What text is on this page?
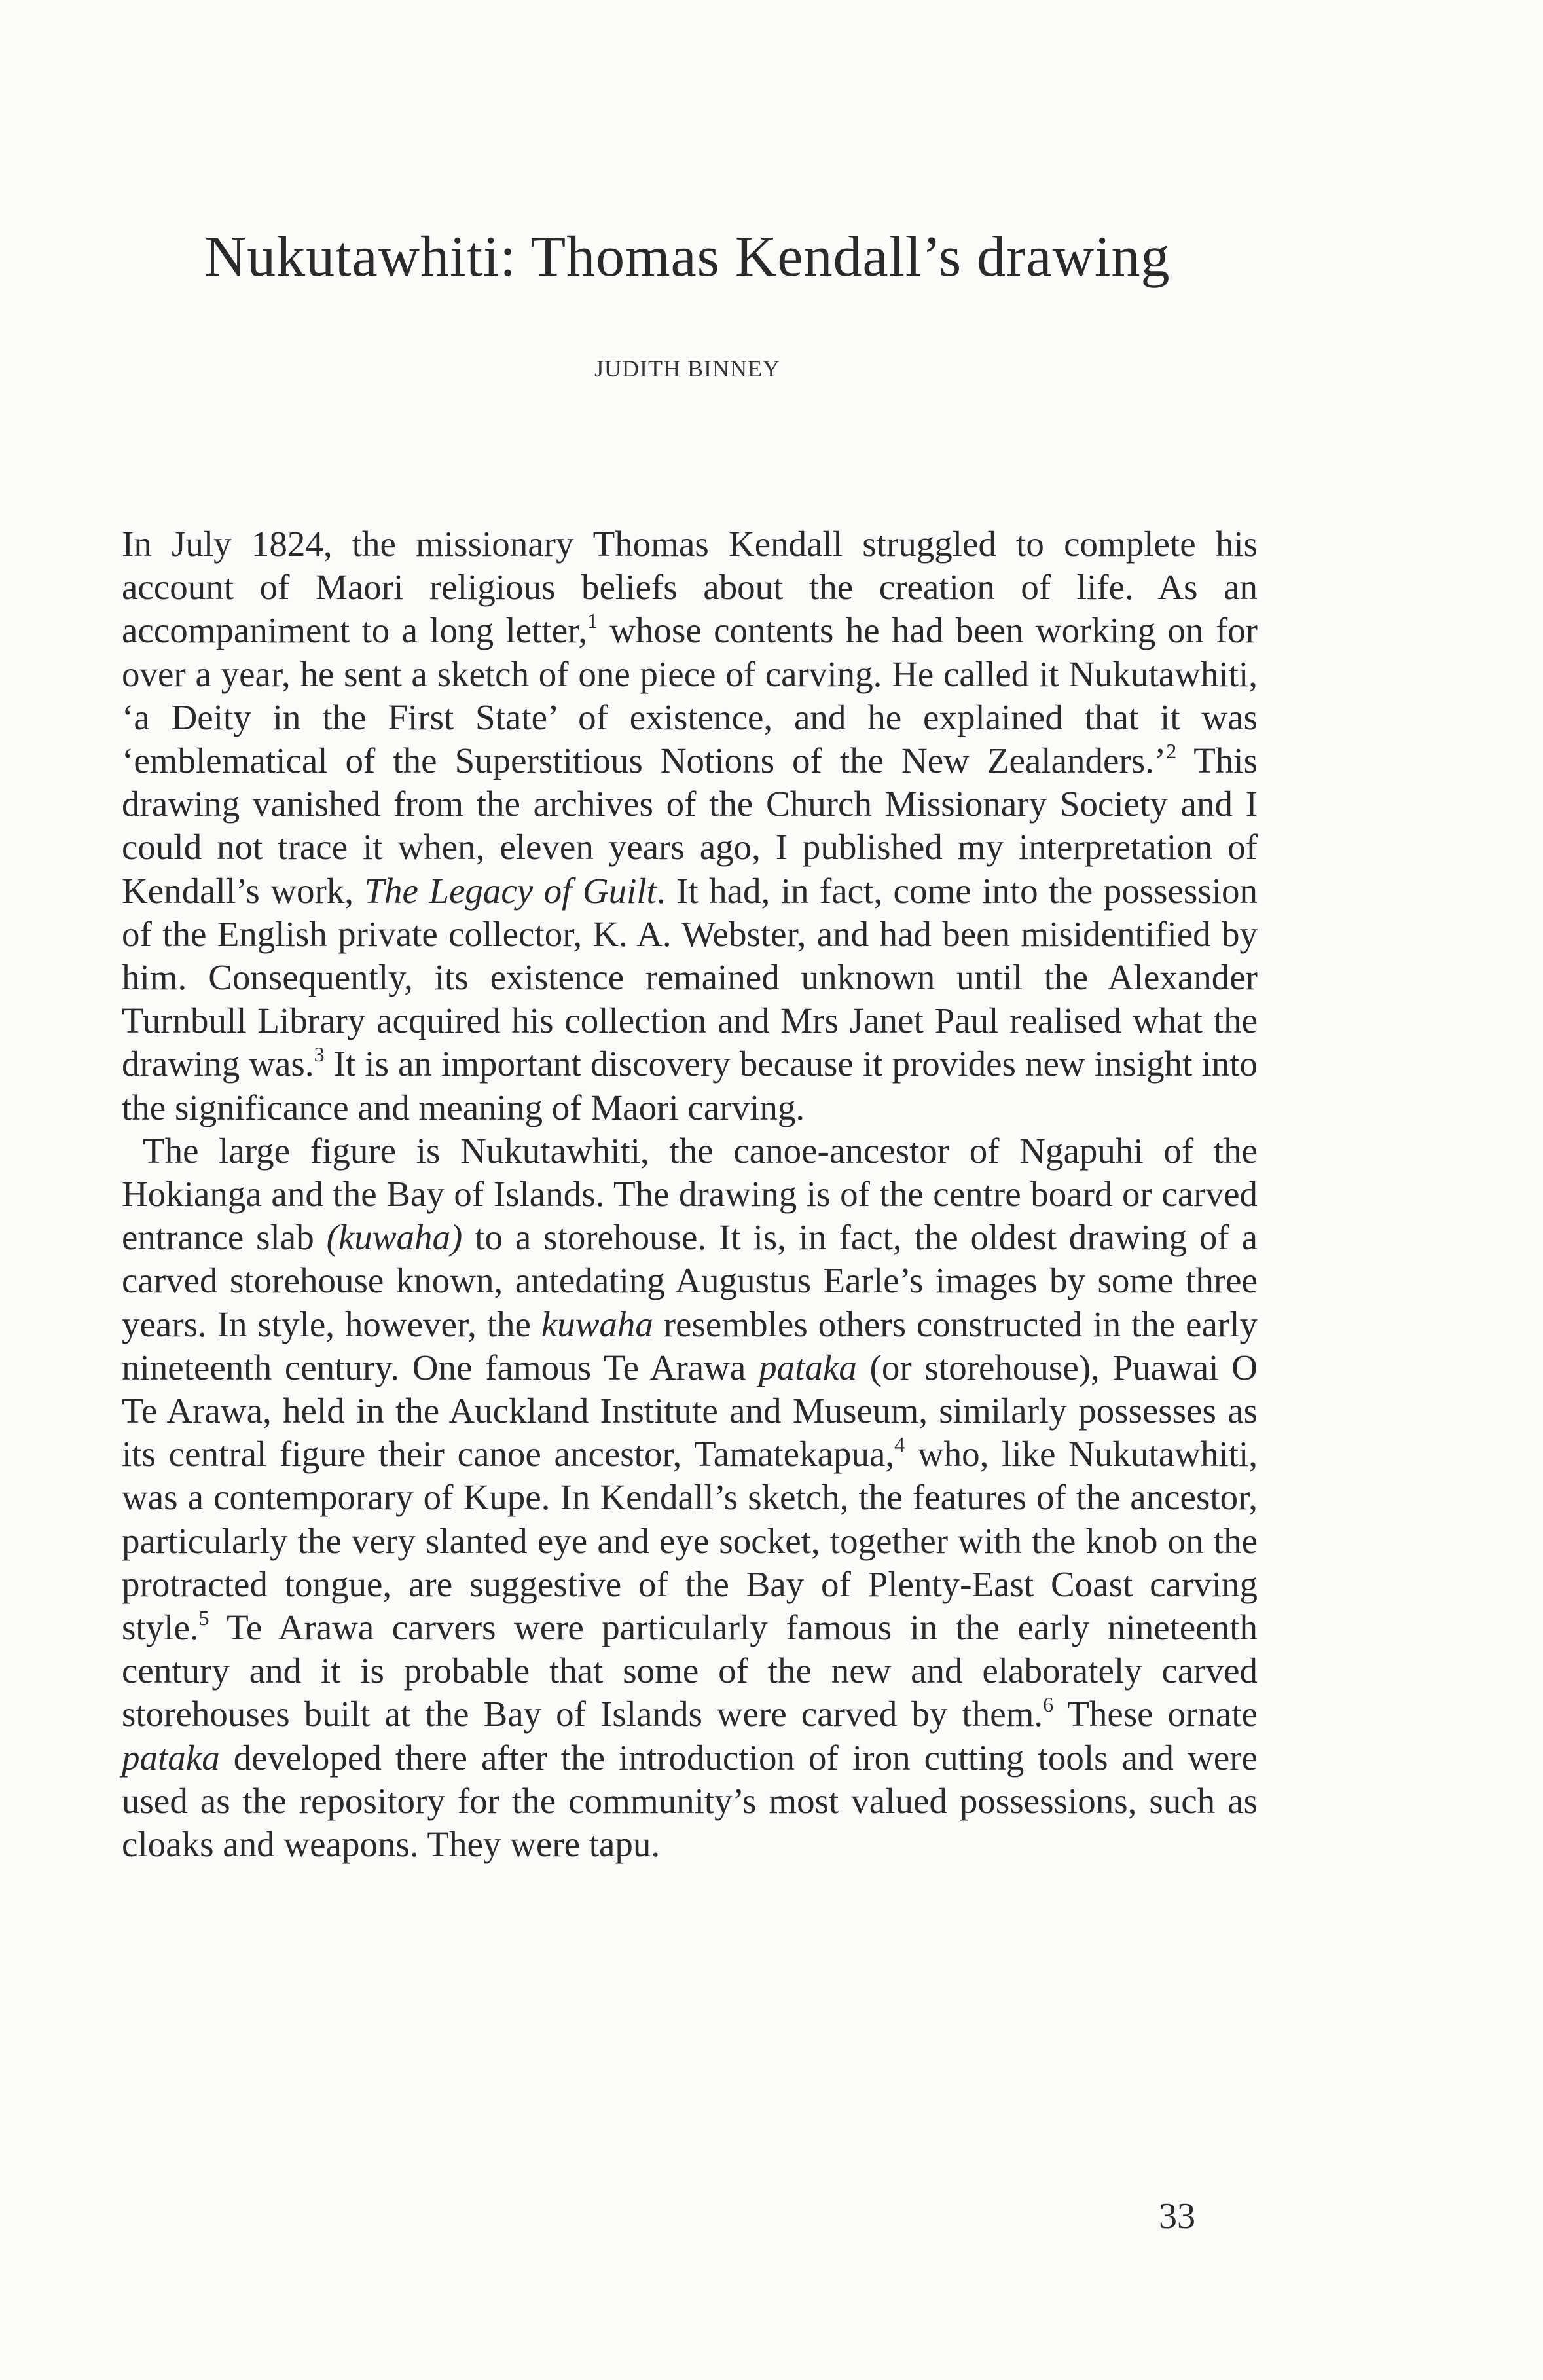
Nukutawhiti: Thomas Kendall’s drawing
JUDITH BINNEY

In July 1824, the missionary Thomas Kendall struggled to complete his account of Maori religious beliefs about the creation of life. As an accompaniment to a long letter,$^1$ whose contents he had been working on for over a year, he sent a sketch of one piece of carving. He called it Nukutawhiti, ‘a Deity in the First State’ of existence, and he explained that it was ‘emblematical of the Superstitious Notions of the New Zealanders.’$^2$ This drawing vanished from the archives of the Church Missionary Society and I could not trace it when, eleven years ago, I published my interpretation of Kendall’s work, The Legacy of Guilt. It had, in fact, come into the possession of the English private collector, K. A. Webster, and had been misidentified by him. Consequently, its existence remained unknown until the Alexander Turnbull Library acquired his collection and Mrs Janet Paul realised what the drawing was.$^3$ It is an important discovery because it provides new insight into the significance and meaning of Maori carving.

The large figure is Nukutawhiti, the canoe-ancestor of Ngapuhi of the Hokianga and the Bay of Islands. The drawing is of the centre board or carved entrance slab (kuwaha) to a storehouse. It is, in fact, the oldest drawing of a carved storehouse known, antedating Augustus Earle’s images by some three years. In style, however, the kuwaha resembles others constructed in the early nineteenth century. One famous Te Arawa pataka (or storehouse), Puawai O Te Arawa, held in the Auckland Institute and Museum, similarly possesses as its central figure their canoe ancestor, Tamatekapua,$^4$ who, like Nukutawhiti, was a contemporary of Kupe. In Kendall’s sketch, the features of the ancestor, particularly the very slanted eye and eye socket, together with the knob on the protracted tongue, are suggestive of the Bay of Plenty-East Coast carving style.$^5$ Te Arawa carvers were particularly famous in the early nineteenth century and it is probable that some of the new and elaborately carved storehouses built at the Bay of Islands were carved by them.$^6$ These ornate pataka developed there after the introduction of iron cutting tools and were used as the repository for the community’s most valued possessions, such as cloaks and weapons. They were tapu.

33
